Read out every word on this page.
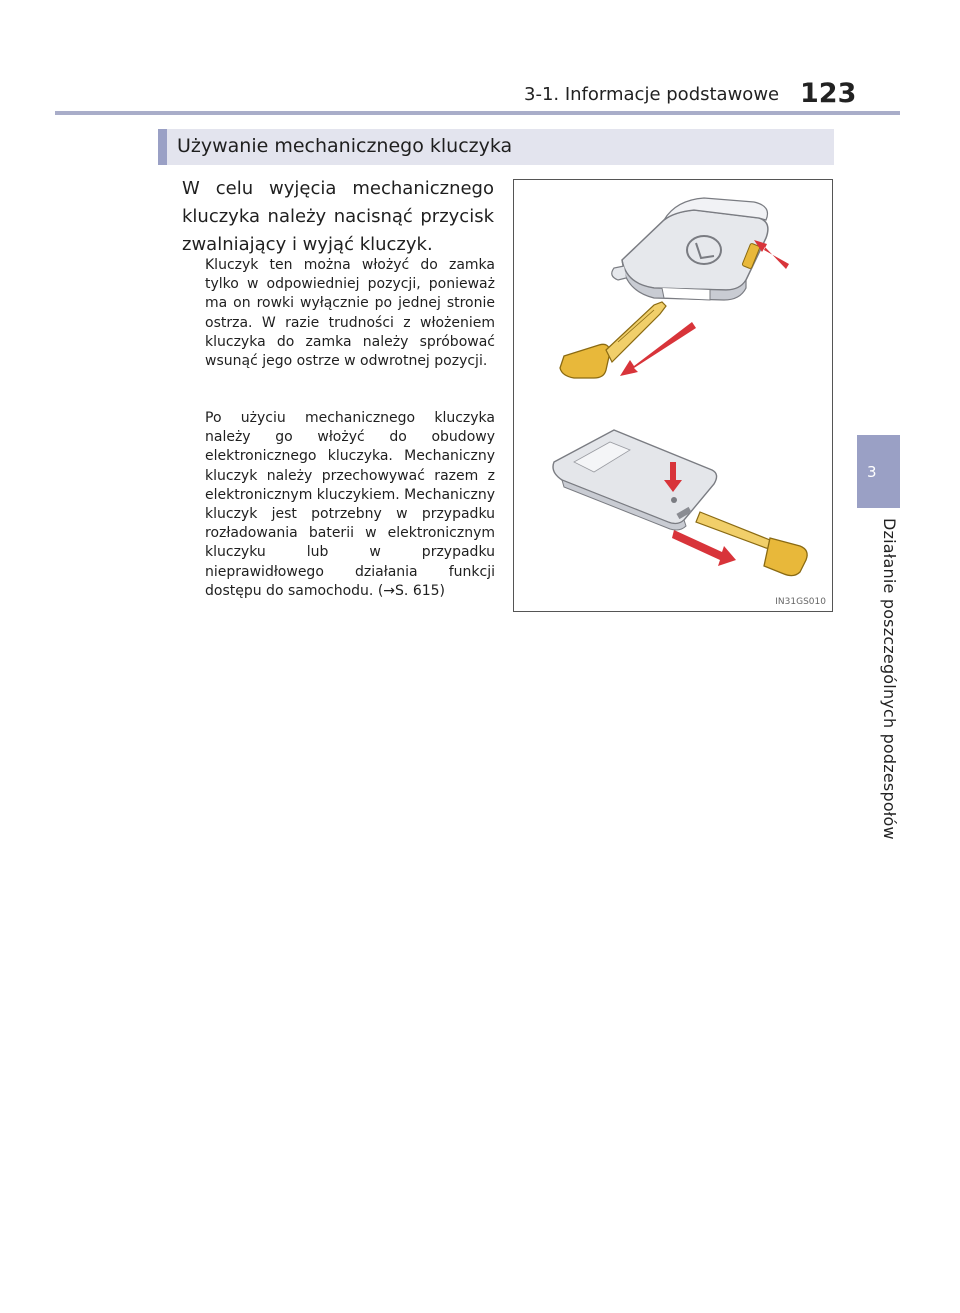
3-1. Informacje podstawowe 123
3
Działanie poszczególnych podzespołów
Używanie mechanicznego kluczyka
W celu wyjęcia mechanicznego kluczyka należy nacisnąć przycisk zwalniający i wyjąć kluczyk.
Kluczyk ten można włożyć do zamka tylko w odpowiedniej pozycji, ponieważ ma on rowki wyłącznie po jednej stronie ostrza. W razie trudności z włożeniem kluczyka do zamka należy spróbować wsunąć jego ostrze w odwrotnej pozycji.
Po użyciu mechanicznego kluczyka należy go włożyć do obudowy elektronicznego kluczyka. Mechaniczny kluczyk należy przechowywać razem z elektronicznym kluczykiem. Mechaniczny kluczyk jest potrzebny w przypadku rozładowania baterii w elektronicznym kluczyku lub w przypadku nieprawidłowego działania funkcji dostępu do samochodu. (→S. 615)
IN31GS010
